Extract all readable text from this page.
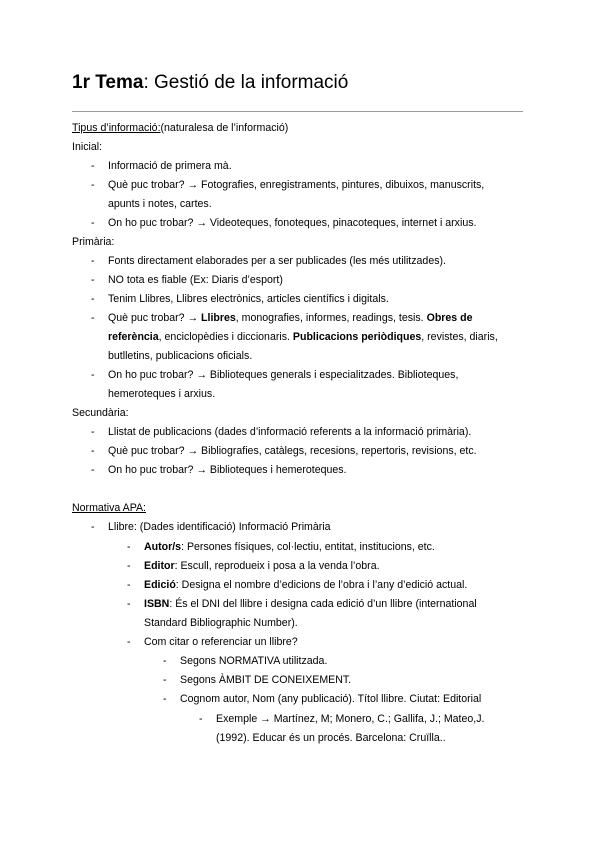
1r Tema: Gestió de la informació
Tipus d’informació:(naturalesa de l’informació)
Inicial:
- Informació de primera mà.
- Què puc trobar? → Fotografies, enregistraments, pintures, dibuixos, manuscrits,
apunts i notes, cartes.
- On ho puc trobar? → Videoteques, fonoteques, pinacoteques, internet i arxius.
Primària:
- Fonts directament elaborades per a ser publicades (les més utilitzades).
- NO tota es fiable (Ex: Diaris d’esport)
- Tenim Llibres, Llibres electrònics, articles científics i digitals.
- Què puc trobar? → Llibres, monografies, informes, readings, tesis. Obres de
referència, enciclopèdies i diccionaris. Publicacions periòdiques, revistes, diaris,
butlletins, publicacions oficials.
- On ho puc trobar? → Biblioteques generals i especialitzades. Biblioteques,
hemeroteques i arxius.
Secundària:
- Llistat de publicacions (dades d’informació referents a la informació primària).
- Què puc trobar? → Bibliografies, catàlegs, recesions, repertoris, revisions, etc.
- On ho puc trobar? → Biblioteques i hemeroteques.
Normativa APA:
- Llibre: (Dades identificació) Informació Primària
- Autor/s: Persones físiques, col·lectiu, entitat, institucions, etc.
- Editor: Escull, reprodueix i posa a la venda l’obra.
- Edició: Designa el nombre d’edicions de l’obra i l’any d’edició actual.
- ISBN: És el DNI del llibre i designa cada edició d’un llibre (international
Standard Bibliographic Number).
- Com citar o referenciar un llibre?
- Segons NORMATIVA utilitzada.
- Segons ÀMBIT DE CONEIXEMENT.
- Cognom autor, Nom (any publicació). Títol llibre. Ciutat: Editorial
- Exemple → Martínez, M; Monero, C.; Gallifa, J.; Mateo,J.
(1992). Educar és un procés. Barcelona: Cruïlla..
